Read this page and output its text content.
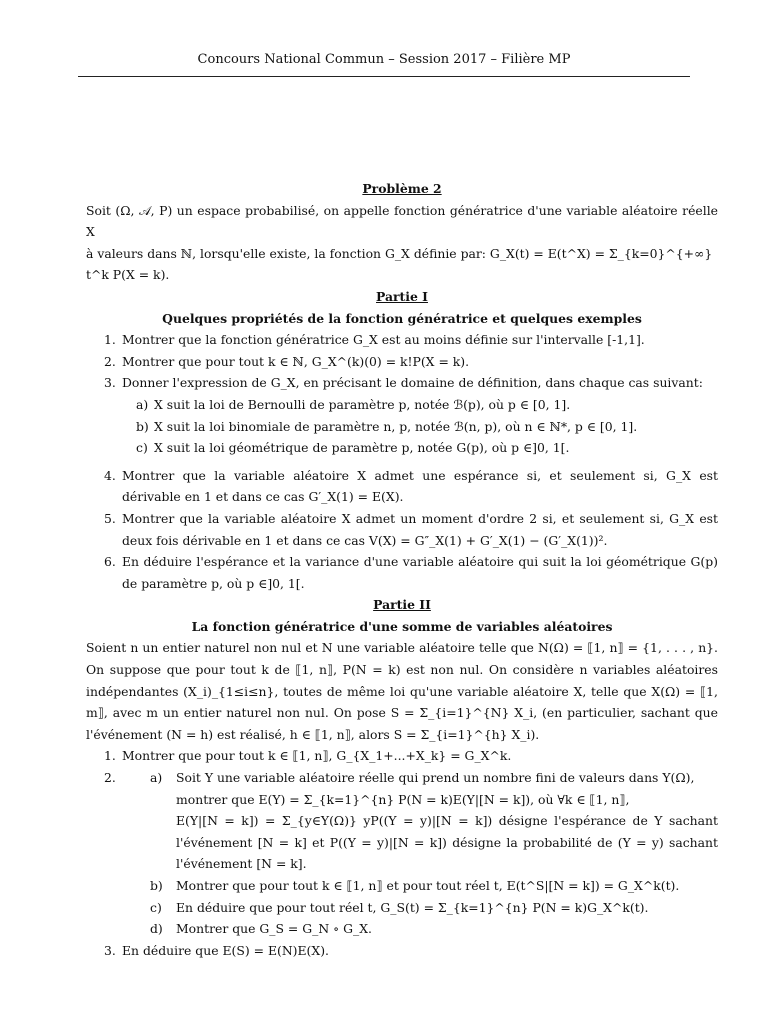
Concours National Commun – Session 2017 – Filière MP

Problème 2

Soit (Ω, 𝒜, P) un espace probabilisé, on appelle fonction génératrice d'une variable aléatoire réelle X

à valeurs dans ℕ, lorsqu'elle existe, la fonction G_X définie par: G_X(t) = E(t^X) = Σ_{k=0}^{+∞} t^k P(X = k).

Partie I

Quelques propriétés de la fonction génératrice et quelques exemples

1. Montrer que la fonction génératrice G_X est au moins définie sur l'intervalle [-1,1].
2. Montrer que pour tout k ∈ ℕ, G_X^(k)(0) = k!P(X = k).
3. Donner l'expression de G_X, en précisant le domaine de définition, dans chaque cas suivant:
a) X suit la loi de Bernoulli de paramètre p, notée ℬ(p), où p ∈ [0, 1].
b) X suit la loi binomiale de paramètre n, p, notée ℬ(n, p), où n ∈ ℕ*, p ∈ [0, 1].
c) X suit la loi géométrique de paramètre p, notée G(p), où p ∈]0, 1[.
4. Montrer que la variable aléatoire X admet une espérance si, et seulement si, G_X est dérivable en 1 et dans ce cas G′_X(1) = E(X).
5. Montrer que la variable aléatoire X admet un moment d'ordre 2 si, et seulement si, G_X est deux fois dérivable en 1 et dans ce cas V(X) = G″_X(1) + G′_X(1) − (G′_X(1))².
6. En déduire l'espérance et la variance d'une variable aléatoire qui suit la loi géométrique G(p) de paramètre p, où p ∈]0, 1[.

Partie II

La fonction génératrice d'une somme de variables aléatoires

Soient n un entier naturel non nul et N une variable aléatoire telle que N(Ω) = ⟦1, n⟧ = {1, . . . , n}. On suppose que pour tout k de ⟦1, n⟧, P(N = k) est non nul. On considère n variables aléatoires indépendantes (X_i)_{1≤i≤n}, toutes de même loi qu'une variable aléatoire X, telle que X(Ω) = ⟦1, m⟧, avec m un entier naturel non nul. On pose S = Σ_{i=1}^{N} X_i, (en particulier, sachant que l'événement (N = h) est réalisé, h ∈ ⟦1, n⟧, alors S = Σ_{i=1}^{h} X_i).

1. Montrer que pour tout k ∈ ⟦1, n⟧, G_{X_1+...+X_k} = G_X^k.
2.	a) Soit Y une variable aléatoire réelle qui prend un nombre fini de valeurs dans Y(Ω), montrer que E(Y) = Σ_{k=1}^{n} P(N = k)E(Y|[N = k]), où ∀k ∈ ⟦1, n⟧,
E(Y|[N = k]) = Σ_{y∈Y(Ω)} yP((Y = y)|[N = k]) désigne l'espérance de Y sachant l'événement [N = k] et P((Y = y)|[N = k]) désigne la probabilité de (Y = y) sachant l'événement [N = k].
b) Montrer que pour tout k ∈ ⟦1, n⟧ et pour tout réel t, E(t^S|[N = k]) = G_X^k(t).
c) En déduire que pour tout réel t, G_S(t) = Σ_{k=1}^{n} P(N = k)G_X^k(t).
d) Montrer que G_S = G_N ∘ G_X.
3. En déduire que E(S) = E(N)E(X).
